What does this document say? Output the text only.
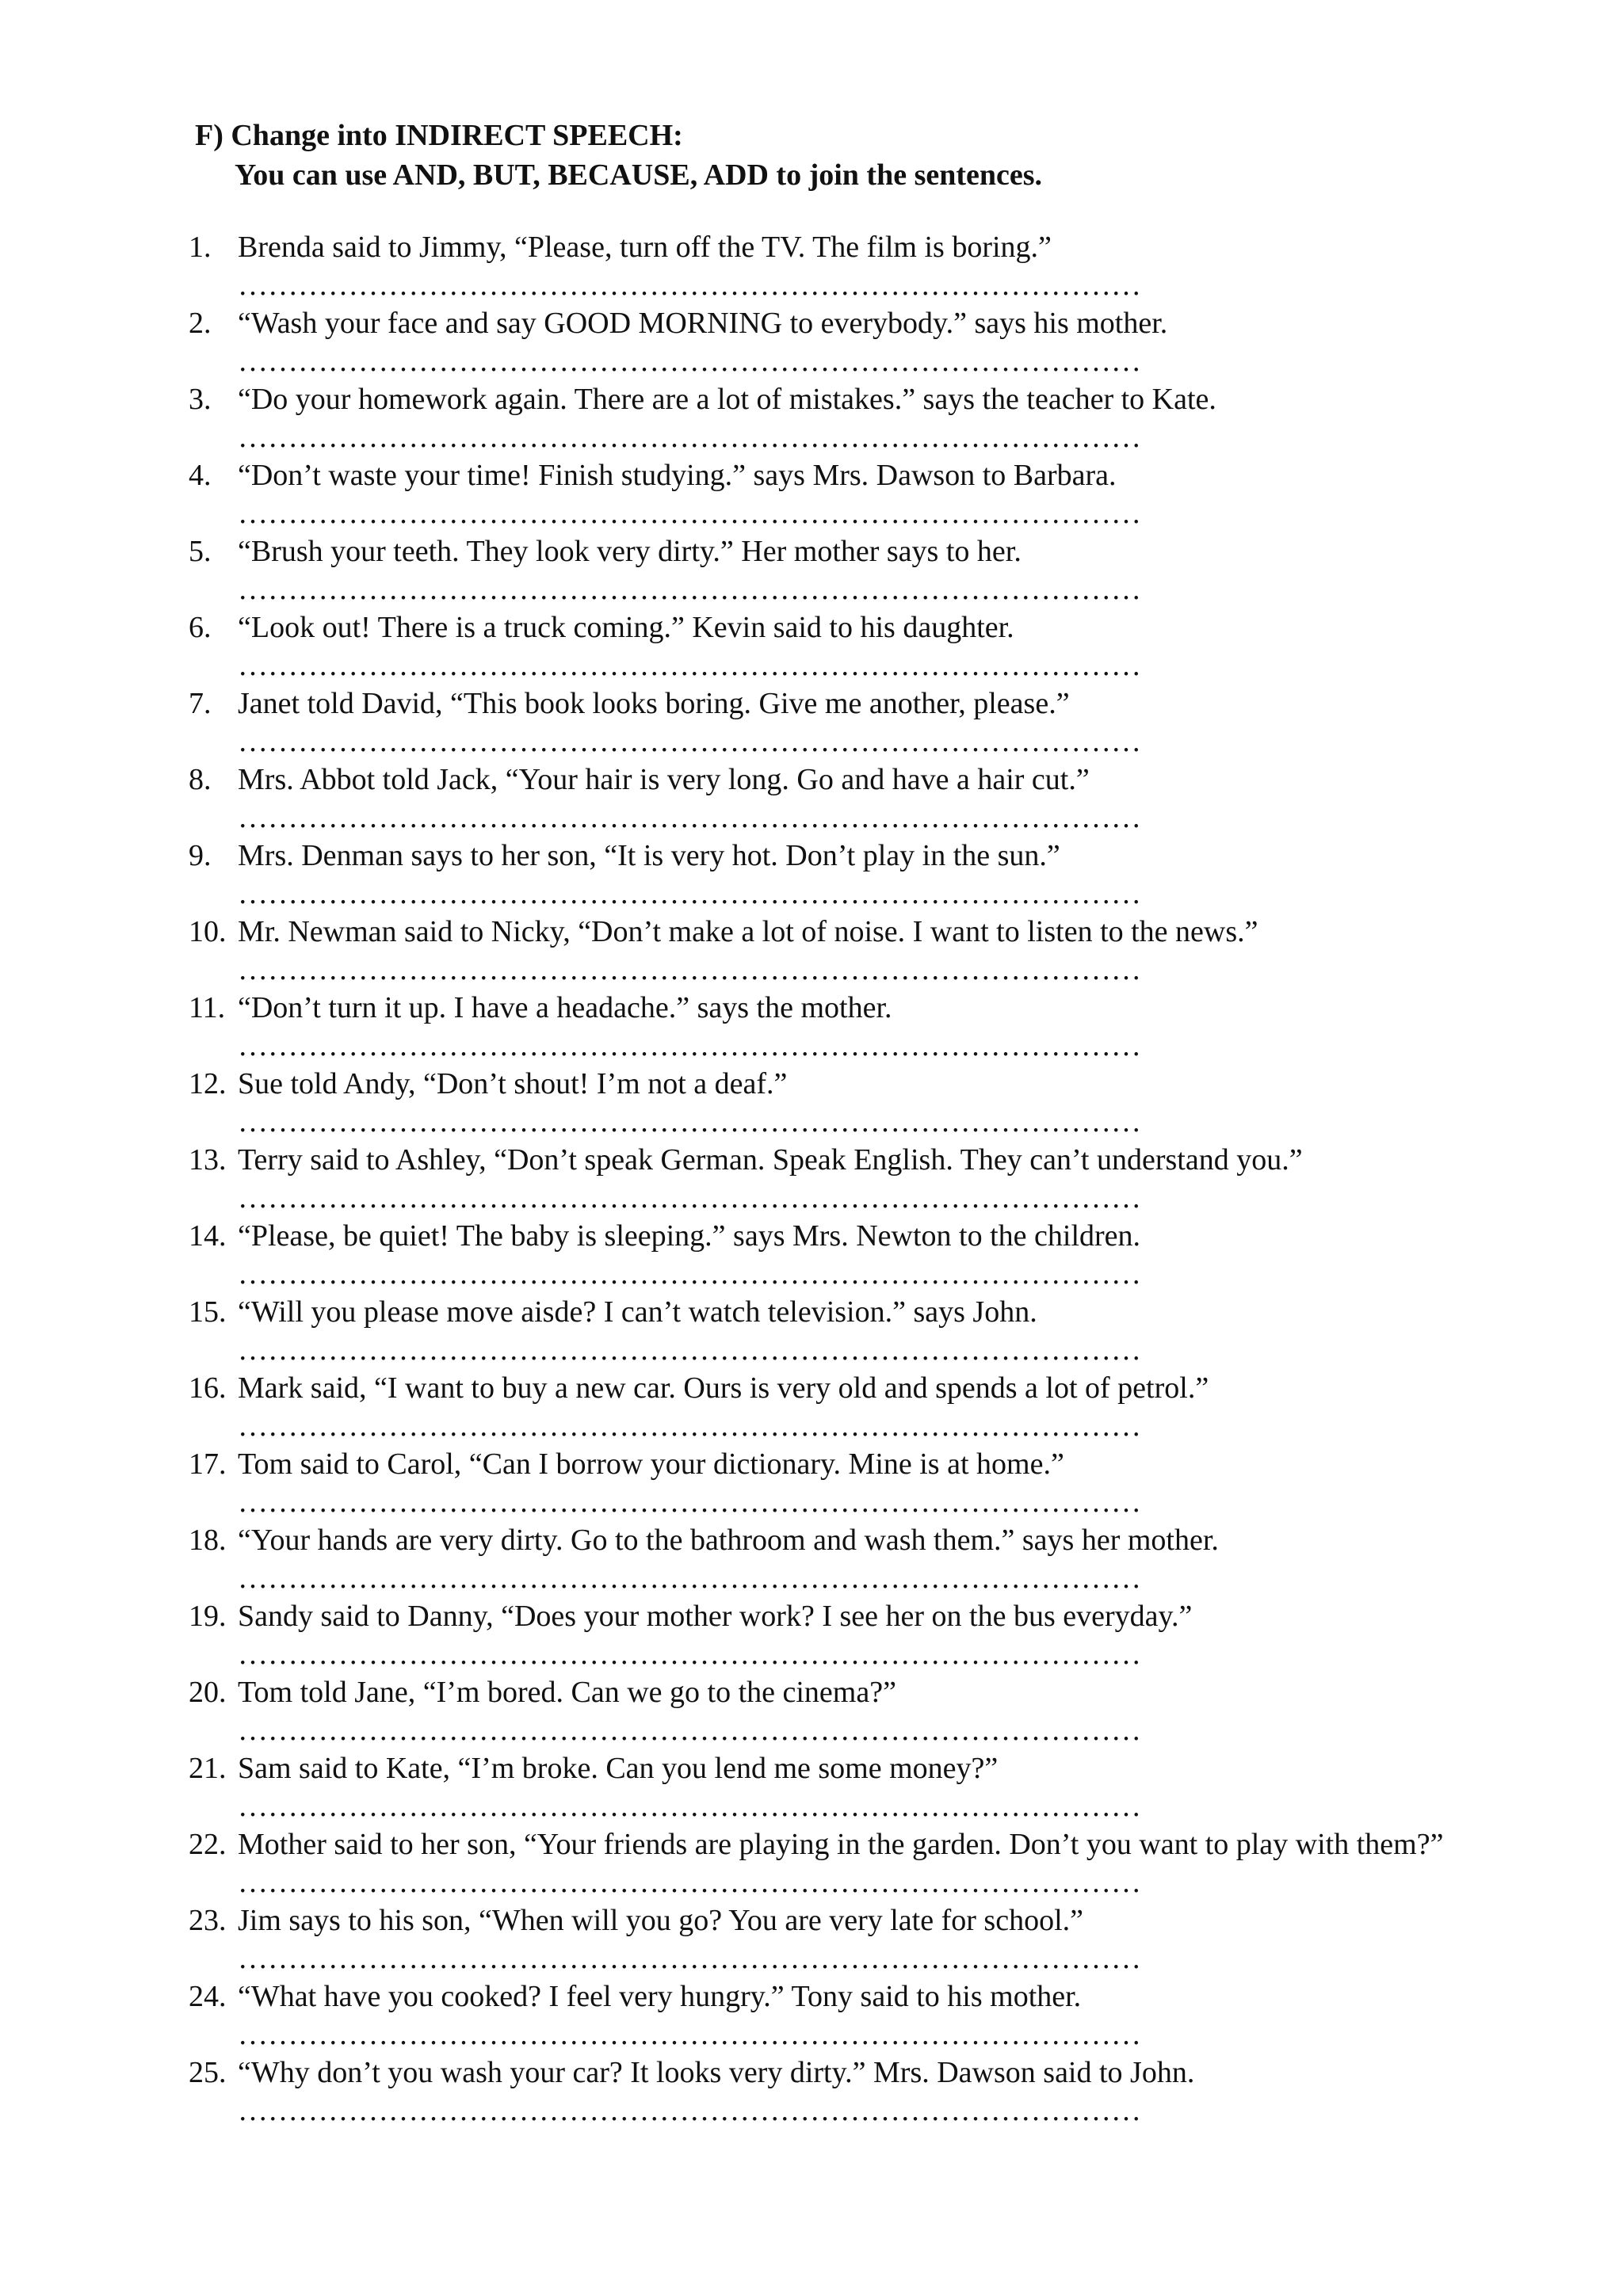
F) Change into INDIRECT SPEECH:
You can use AND, BUT, BECAUSE, ADD to join the sentences.
1. Brenda said to Jimmy, “Please, turn off the TV. The film is boring.”
………………………………………………………………………………
2. “Wash your face and say GOOD MORNING to everybody.” says his mother.
………………………………………………………………………………
3. “Do your homework again. There are a lot of mistakes.” says the teacher to Kate.
………………………………………………………………………………
4. “Don’t waste your time! Finish studying.” says Mrs. Dawson to Barbara.
………………………………………………………………………………
5. “Brush your teeth. They look very dirty.” Her mother says to her.
………………………………………………………………………………
6. “Look out! There is a truck coming.” Kevin said to his daughter.
………………………………………………………………………………
7. Janet told David, “This book looks boring. Give me another, please.”
………………………………………………………………………………
8. Mrs. Abbot told Jack, “Your hair is very long. Go and have a hair cut.”
………………………………………………………………………………
9. Mrs. Denman says to her son, “It is very hot. Don’t play in the sun.”
………………………………………………………………………………
10. Mr. Newman said to Nicky, “Don’t make a lot of noise. I want to listen to the news.”
………………………………………………………………………………
11. “Don’t turn it up. I have a headache.” says the mother.
………………………………………………………………………………
12. Sue told Andy, “Don’t shout! I’m not a deaf.”
………………………………………………………………………………
13. Terry said to Ashley, “Don’t speak German. Speak English. They can’t understand you.”
………………………………………………………………………………
14. “Please, be quiet! The baby is sleeping.” says Mrs. Newton to the children.
………………………………………………………………………………
15. “Will you please move aisde? I can’t watch television.” says John.
………………………………………………………………………………
16. Mark said, “I want to buy a new car. Ours is very old and spends a lot of petrol.”
………………………………………………………………………………
17. Tom said to Carol, “Can I borrow your dictionary. Mine is at home.”
………………………………………………………………………………
18. “Your hands are very dirty. Go to the bathroom and wash them.” says her mother.
………………………………………………………………………………
19. Sandy said to Danny, “Does your mother work? I see her on the bus everyday.”
………………………………………………………………………………
20. Tom told Jane, “I’m bored. Can we go to the cinema?”
………………………………………………………………………………
21. Sam said to Kate, “I’m broke. Can you lend me some money?”
………………………………………………………………………………
22. Mother said to her son, “Your friends are playing in the garden. Don’t you want to play with them?”
………………………………………………………………………………
23. Jim says to his son, “When will you go? You are very late for school.”
………………………………………………………………………………
24. “What have you cooked? I feel very hungry.” Tony said to his mother.
………………………………………………………………………………
25. “Why don’t you wash your car? It looks very dirty.” Mrs. Dawson said to John.
………………………………………………………………………………
